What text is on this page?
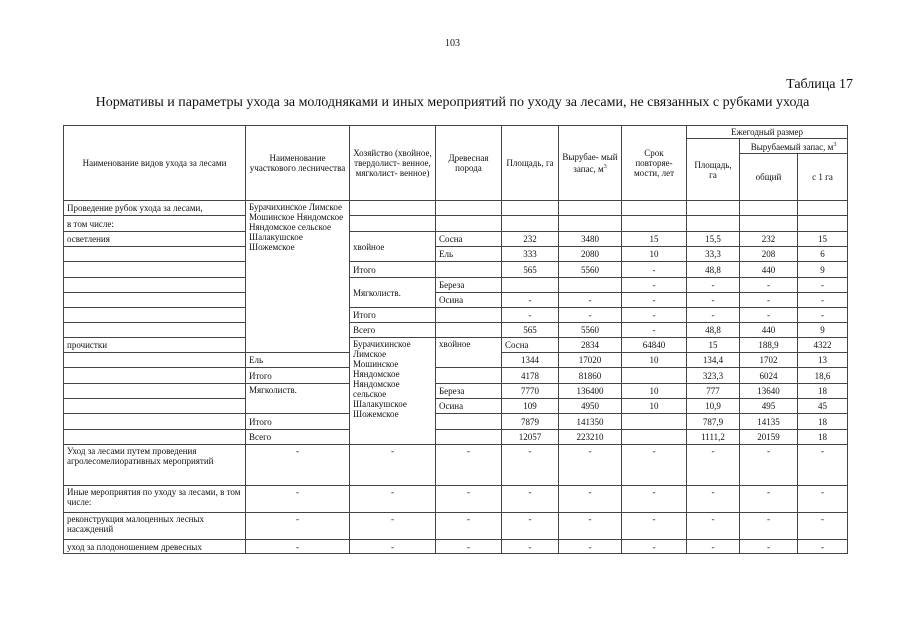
103
Таблица 17
Нормативы и параметры ухода за молодняками и иных мероприятий по уходу за лесами, не связанных с рубками ухода
Наименование видов ухода за лесами	Наименование участкового лесничества	Хозяйство (хвойное, твердолист- венное, мягколист- венное)	Древесная порода	Площадь, га	Вырубае- мый запас, $м^3$	Срок повторяе- мости, лет	Ежегодный размер			
							Площадь, га	Вырубаемый запас, $м^3$
								общий	с 1 га	
Проведение рубок ухода за лесами,	Бурачихинское Лимское Мошинское Няндомское Няндомское сельское Шалакушское Шожемское									
в том числе:										
осветления		хвойное	Сосна	232	3480	15	15,5	232	15	
			Ель	333	2080	10	33,3	208	6	
		Итого		565	5560	-	48,8	440	9	
		Мягколиств.	Береза			-	-	-	-	
			Осина	-	-	-	-	-	-	
		Итого		-	-	-	-	-	-	
		Всего		565	5560	-	48,8	440	9	
прочистки		Бурачихинское Лимское Мошинское Няндомское Няндомское сельское Шалакушское Шожемское	хвойное	Сосна	2834	64840	15	188,9	4322	
	Ель			1344	17020	10	134,4	1702	13	
	Итого			4178	81860		323,3	6024	18,6	
	Мягколиств.		Береза	7770	136400	10	777	13640	18	
			Осина	109	4950	10	10,9	495	45	
	Итого			7879	141350		787,9	14135	18	
	Всего			12057	223210		1111,2	20159	18	
Уход за лесами путем проведения агролесомелиоративных мероприятий	-	-	-	-	-	-	-	-	-	
Иные мероприятия по уходу за лесами, в том числе:	-	-	-	-	-	-	-	-	-	
реконструкция малоценных лесных насаждений	-	-	-	-	-	-	-	-	-	
уход за плодоношением древесных	-	-	-	-	-	-	-	-	-	
